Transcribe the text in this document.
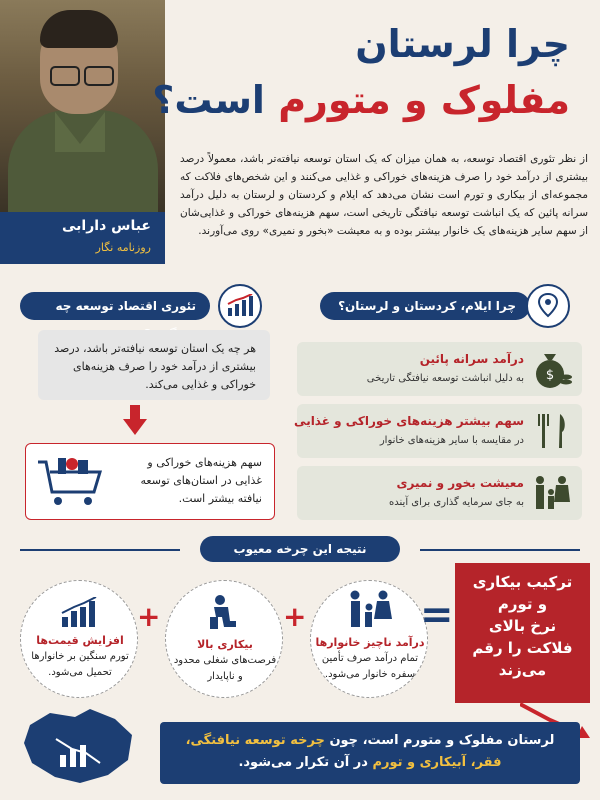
عباس دارابی
روزنامه نگار
چرا لرستان
مفلوک و متورم است؟
از نظر تئوری اقتصاد توسعه، به همان میزان که یک استان توسعه نیافته‌تر باشد، معمولاً درصد بیشتری از درآمد خود را صرف هزینه‌های خوراکی و غذایی می‌کنند و این شخص‌های فلاکت که مجموعه‌ای از بیکاری و تورم است نشان می‌دهد که ایلام و کردستان و لرستان به دلیل درآمد سرانه پائین که یک انباشت توسعه نیافتگی تاریخی است، سهم هزینه‌های خوراکی و غذایی‌شان از سهم سایر هزینه‌های یک خانوار بیشتر بوده و به معیشت «بخور و نمیری» روی می‌آورند.
تئوری اقتصاد توسعه چه	چرا ایلام، کردستان و لرستان؟
هر چه یک استان توسعه نیافته‌تر باشد، درصد بیشتری از درآمد خود را صرف هزینه‌های خوراکی و غذایی می‌کند.
سهم هزینه‌های خوراکی و غذایی در استان‌های توسعه نیافته بیشتر است.
درآمد سرانه پائین
به دلیل انباشت توسعه نیافتگی تاریخی $
سهم بیشتر هزینه‌های خوراکی و غذایی
در مقایسه با سایر هزینه‌های خانوار
معیشت بخور و نمیری
به جای سرمایه گذاری برای آینده
نتیجه این چرخه معیوب
افزایش قیمت‌ها
تورم سنگین بر خانوارها تحمیل می‌شود.
+
بیکاری بالا
فرصت‌های شغلی محدود و ناپایدار
+
درآمد ناچیز خانوارها
تمام درآمد صرف تأمین سفره خانوار می‌شود.
=
ترکیب بیکاری
و تورم
نرخ بالای
فلاکت را رقم
می‌زند
لرستان مفلوک و متورم است، چون چرخه توسعه نیافتگی،
فقر، آبیکاری و تورم در آن تکرار می‌شود.
